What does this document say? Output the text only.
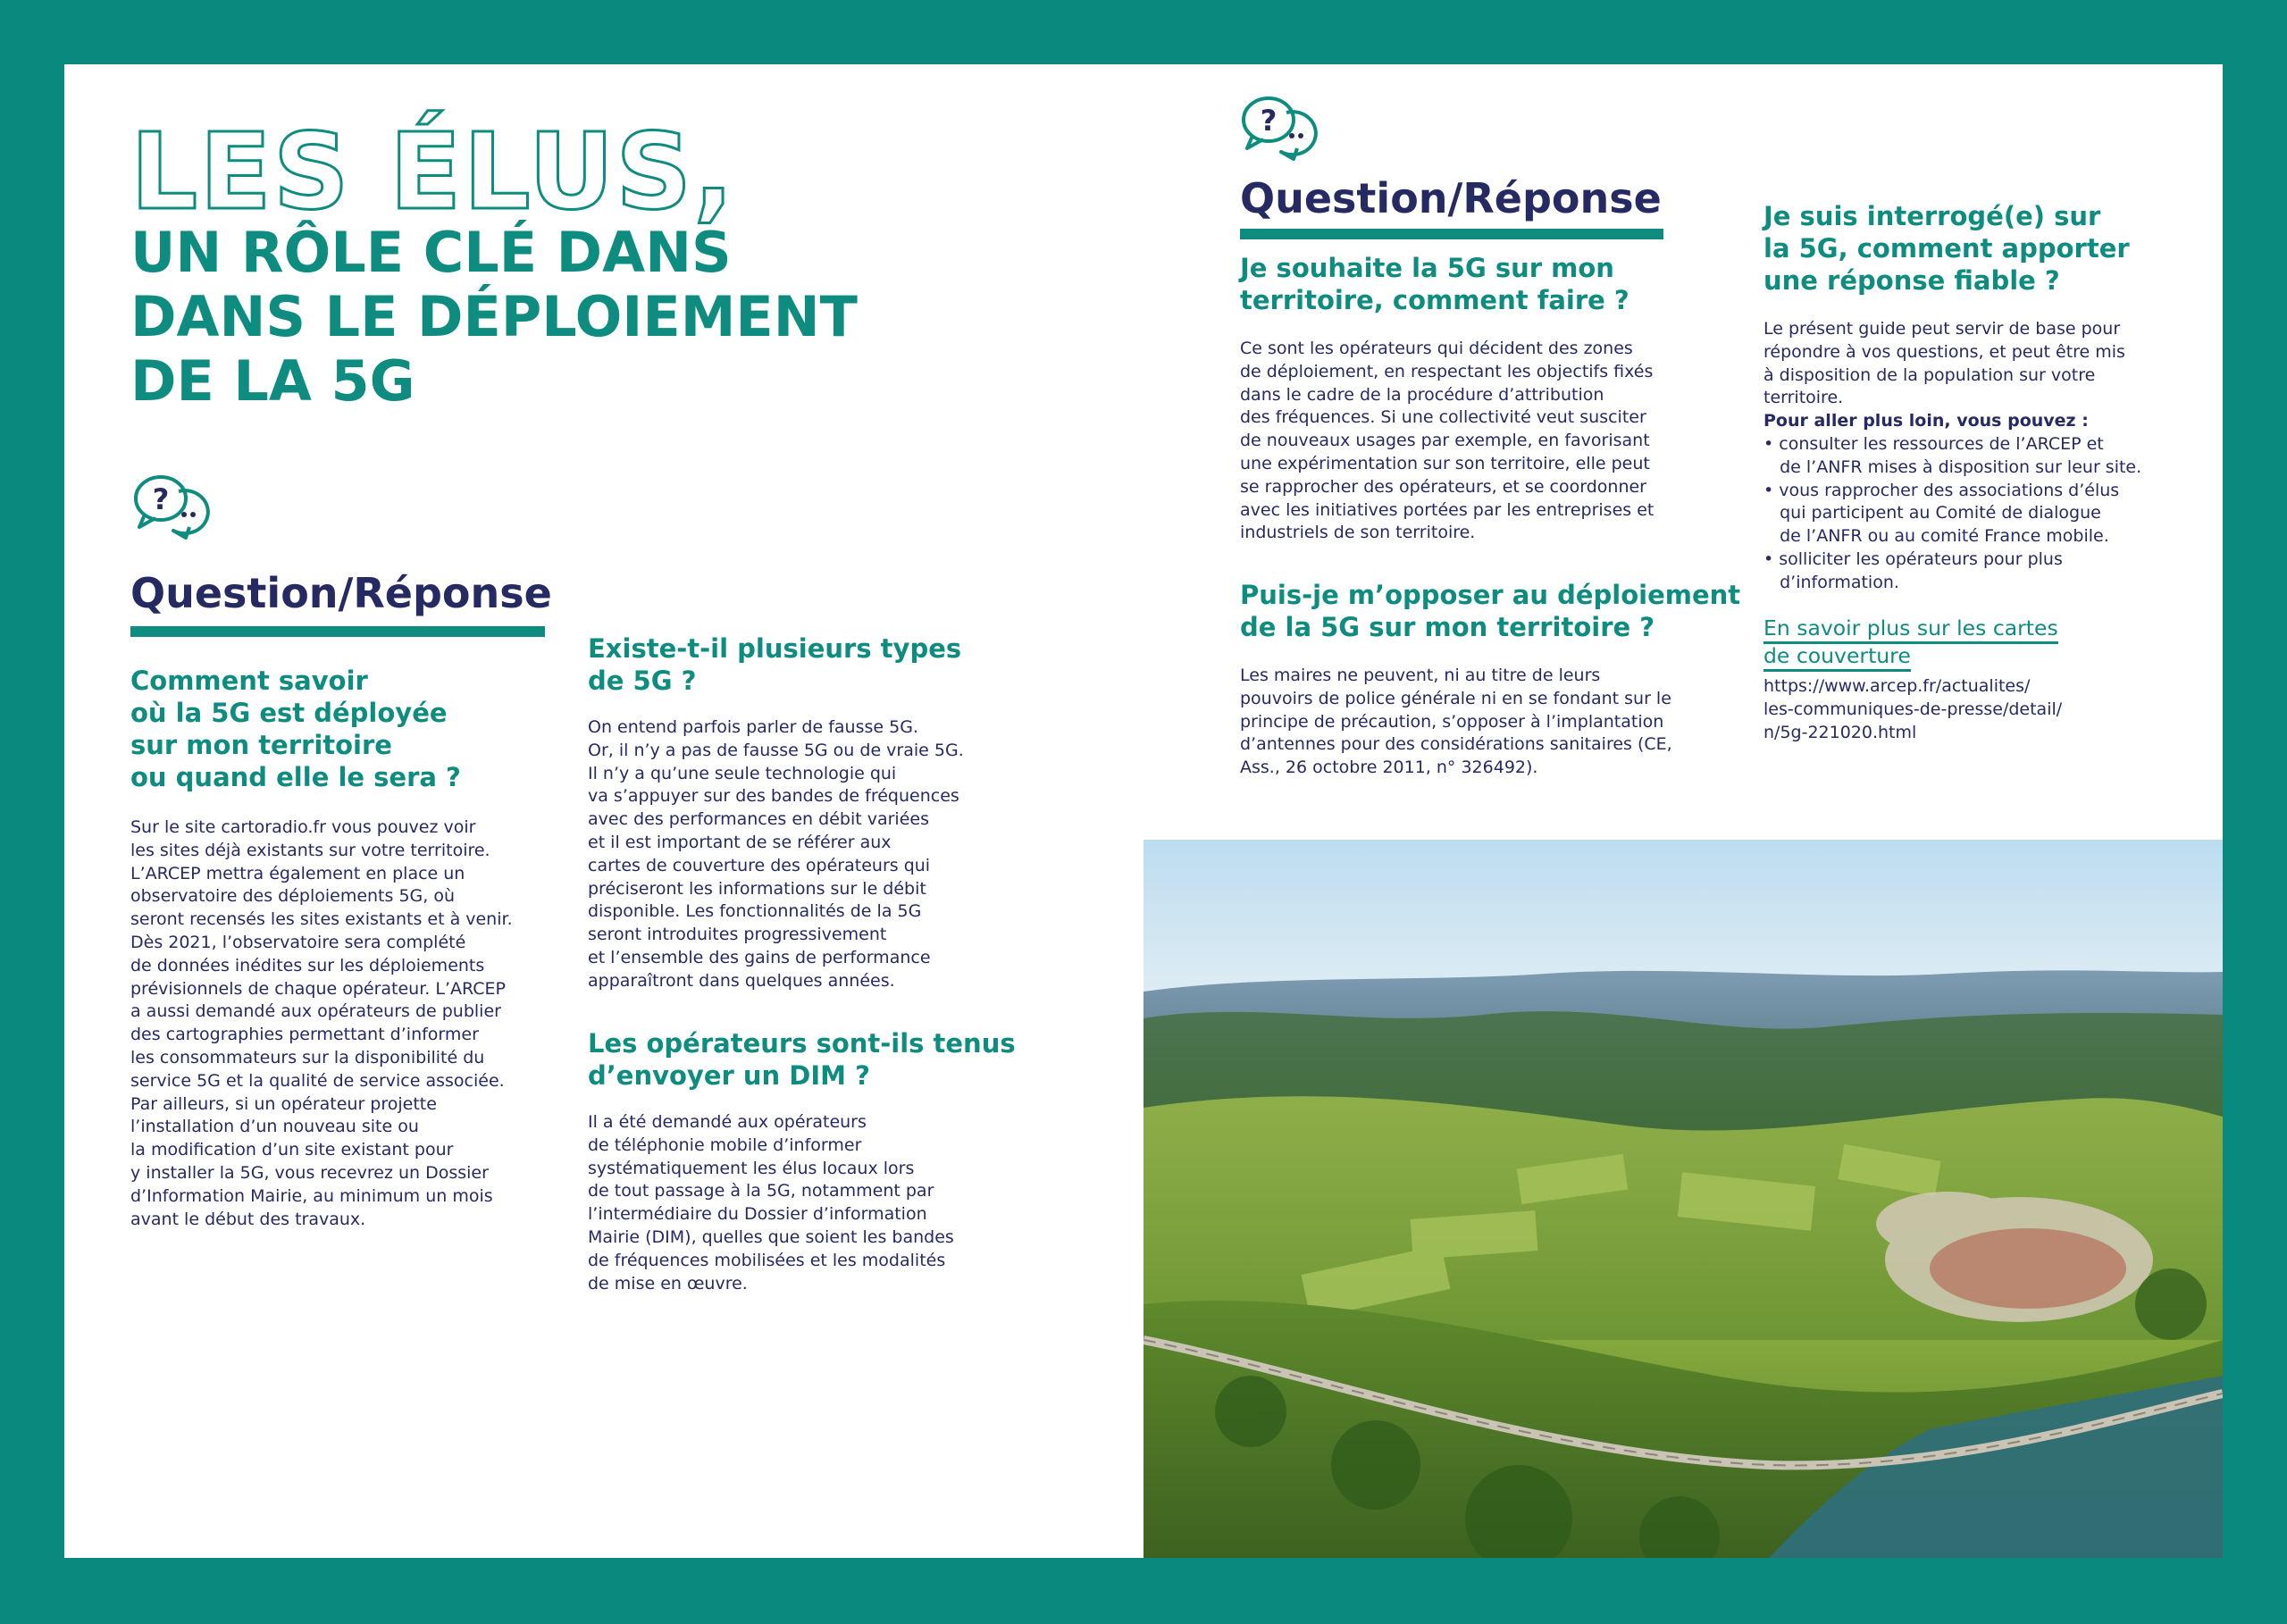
LES ÉLUS,
UN RÔLE CLÉ DANS
DANS LE DÉPLOIEMENT
DE LA 5G
?
Question/Réponse
Comment savoir
où la 5G est déployée
sur mon territoire
ou quand elle le sera ?
Sur le site cartoradio.fr vous pouvez voir
les sites déjà existants sur votre territoire.
L’ARCEP mettra également en place un
observatoire des déploiements 5G, où
seront recensés les sites existants et à venir.
Dès 2021, l’observatoire sera complété
de données inédites sur les déploiements
prévisionnels de chaque opérateur. L’ARCEP
a aussi demandé aux opérateurs de publier
des cartographies permettant d’informer
les consommateurs sur la disponibilité du
service 5G et la qualité de service associée.
Par ailleurs, si un opérateur projette
l’installation d’un nouveau site ou
la modification d’un site existant pour
y installer la 5G, vous recevrez un Dossier
d’Information Mairie, au minimum un mois
avant le début des travaux.
Existe-t-il plusieurs types
de 5G ?
On entend parfois parler de fausse 5G.
Or, il n’y a pas de fausse 5G ou de vraie 5G.
Il n’y a qu’une seule technologie qui
va s’appuyer sur des bandes de fréquences
avec des performances en débit variées
et il est important de se référer aux
cartes de couverture des opérateurs qui
préciseront les informations sur le débit
disponible. Les fonctionnalités de la 5G
seront introduites progressivement
et l’ensemble des gains de performance
apparaîtront dans quelques années.
Les opérateurs sont-ils tenus
d’envoyer un DIM ?
Il a été demandé aux opérateurs
de téléphonie mobile d’informer
systématiquement les élus locaux lors
de tout passage à la 5G, notamment par
l’intermédiaire du Dossier d’information
Mairie (DIM), quelles que soient les bandes
de fréquences mobilisées et les modalités
de mise en œuvre.
?
Question/Réponse
Je souhaite la 5G sur mon
territoire, comment faire ?
Ce sont les opérateurs qui décident des zones
de déploiement, en respectant les objectifs fixés
dans le cadre de la procédure d’attribution
des fréquences. Si une collectivité veut susciter
de nouveaux usages par exemple, en favorisant
une expérimentation sur son territoire, elle peut
se rapprocher des opérateurs, et se coordonner
avec les initiatives portées par les entreprises et
industriels de son territoire.
Puis-je m’opposer au déploiement
de la 5G sur mon territoire ?
Les maires ne peuvent, ni au titre de leurs
pouvoirs de police générale ni en se fondant sur le
principe de précaution, s’opposer à l’implantation
d’antennes pour des considérations sanitaires (CE,
Ass., 26 octobre 2011, n° 326492).
Je suis interrogé(e) sur
la 5G, comment apporter
une réponse fiable ?
Le présent guide peut servir de base pour
répondre à vos questions, et peut être mis
à disposition de la population sur votre
territoire.
Pour aller plus loin, vous pouvez :
• consulter les ressources de l’ARCEP et
de l’ANFR mises à disposition sur leur site.
• vous rapprocher des associations d’élus
qui participent au Comité de dialogue
de l’ANFR ou au comité France mobile.
• solliciter les opérateurs pour plus
d’information.
En savoir plus sur les cartes
de couverture
https://www.arcep.fr/actualites/
les-communiques-de-presse/detail/
n/5g-221020.html
